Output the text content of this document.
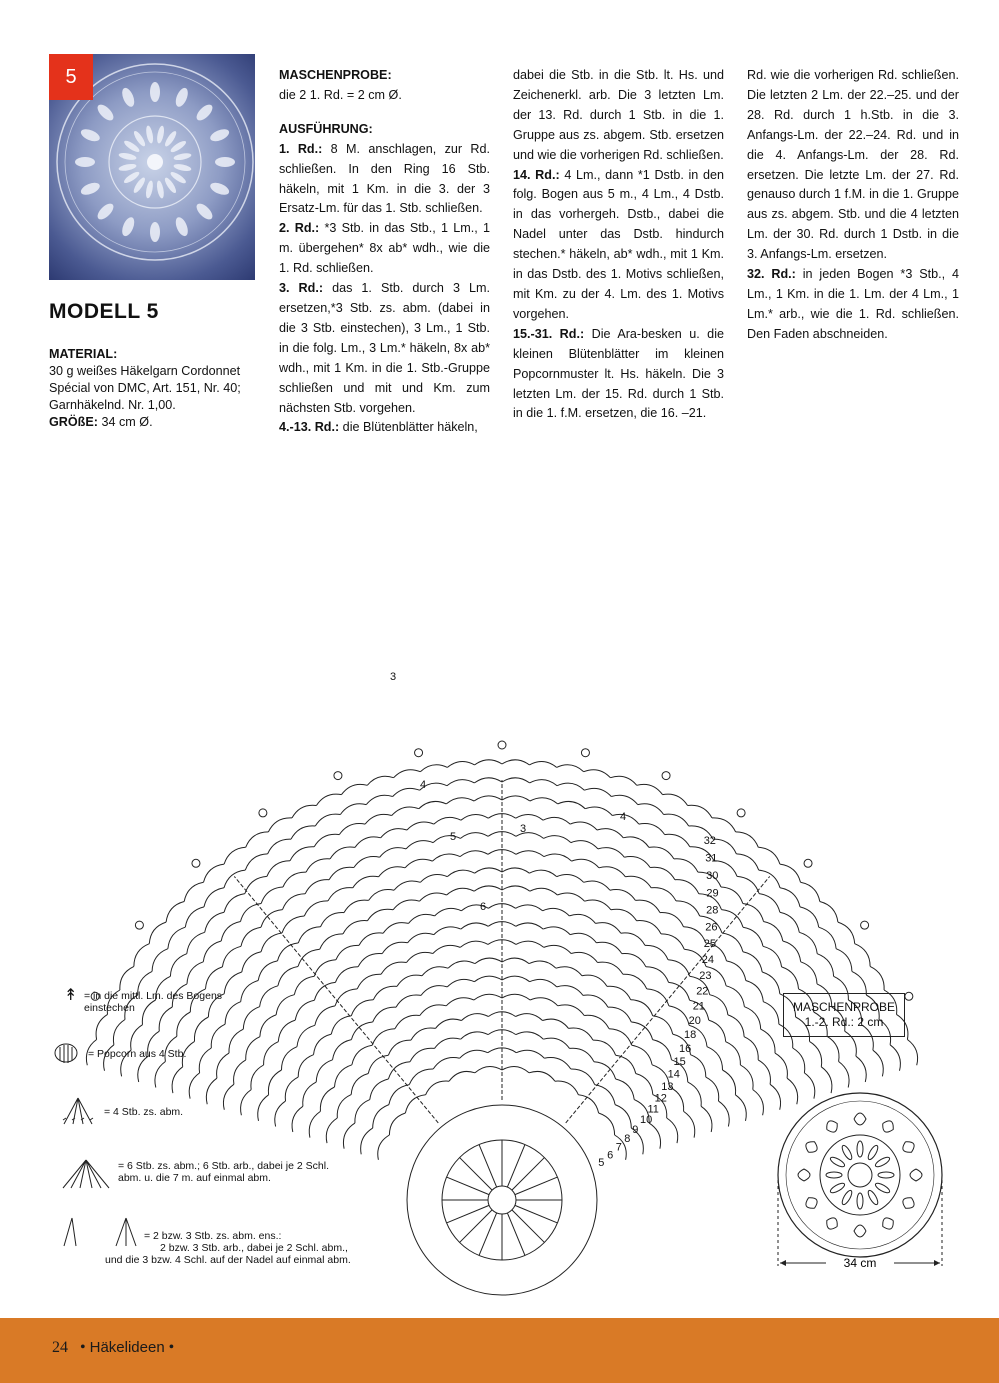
5
MODELL 5
MATERIAL:
30 g weißes Häkelgarn Cordonnet Spécial von DMC, Art. 151, Nr. 40; Garnhäkelnd. Nr. 1,00.
GRÖßE: 34 cm Ø.

MASCHENPROBE:

die 2 1. Rd. = 2 cm Ø.

AUSFÜHRUNG:

1. Rd.: 8 M. anschlagen, zur Rd. schließen. In den Ring 16 Stb. häkeln, mit 1 Km. in die 3. der 3 Ersatz-Lm. für das 1. Stb. schließen.

2. Rd.: *3 Stb. in das Stb., 1 Lm., 1 m. übergehen* 8x ab* wdh., wie die 1. Rd. schließen.

3. Rd.: das 1. Stb. durch 3 Lm. ersetzen,*3 Stb. zs. abm. (dabei in die 3 Stb. einstechen), 3 Lm., 1 Stb. in die folg. Lm., 3 Lm.* häkeln, 8x ab* wdh., mit 1 Km. in die 1. Stb.-Gruppe schließen und mit und Km. zum nächsten Stb. vorgehen.

4.-13. Rd.: die Blütenblätter häkeln,

dabei die Stb. in die Stb. lt. Hs. und Zeichenerkl. arb. Die 3 letzten Lm. der 13. Rd. durch 1 Stb. in die 1. Gruppe aus zs. abgem. Stb. ersetzen und wie die vorherigen Rd. schließen.

14. Rd.: 4 Lm., dann *1 Dstb. in den folg. Bogen aus 5 m., 4 Lm., 4 Dstb. in das vorhergeh. Dstb., dabei die Nadel unter das Dstb. hindurch stechen.* häkeln, ab* wdh., mit 1 Km. in das Dstb. des 1. Motivs schließen, mit Km. zu der 4. Lm. des 1. Motivs vorgehen.

15.-31. Rd.: Die Ara-besken u. die kleinen Blütenblätter im kleinen Popcornmuster lt. Hs. häkeln. Die 3 letzten Lm. der 15. Rd. durch 1 Stb. in die 1. f.M. ersetzen, die 16. –21.

Rd. wie die vorherigen Rd. schließen. Die letzten 2 Lm. der 22.–25. und der 28. Rd. durch 1 h.Stb. in die 3. Anfangs-Lm. der 22.–24. Rd. und in die 4. Anfangs-Lm. der 28. Rd. ersetzen. Die letzte Lm. der 27. Rd. genauso durch 1 f.M. in die 1. Gruppe aus zs. abgem. Stb. und die 4 letzten Lm. der 30. Rd. durch 1 Dstb. in die 3. Anfangs-Lm. ersetzen.

32. Rd.: in jeden Bogen *3 Stb., 4 Lm., 1 Km. in die 1. Lm. der 4 Lm., 1 Lm.* arb., wie die 1. Rd. schließen. Den Faden abschneiden.

32
31
30
29
28
26
25
24
23
22
21
20
18
16
15
14
13
12
11
10
9
8
7
6
5
3
4
5
6
3
4
↟ = in die mittl. Lm. des Bogens einstechen
= Popcorn aus 4 Stb.
= 4 Stb. zs. abm.
= 6 Stb. zs. abm.; 6 Stb. arb., dabei je 2 Schl. abm. u. die 7 m. auf einmal abm.
= 2 bzw. 3 Stb. zs. abm. ens.:
2 bzw. 3 Stb. arb., dabei je 2 Schl. abm.,
und die 3 bzw. 4 Schl. auf der Nadel auf einmal abm.
MASCHENPROBE
1.-2. Rd.: 2 cm
34 cm
24 • Häkelideen •
